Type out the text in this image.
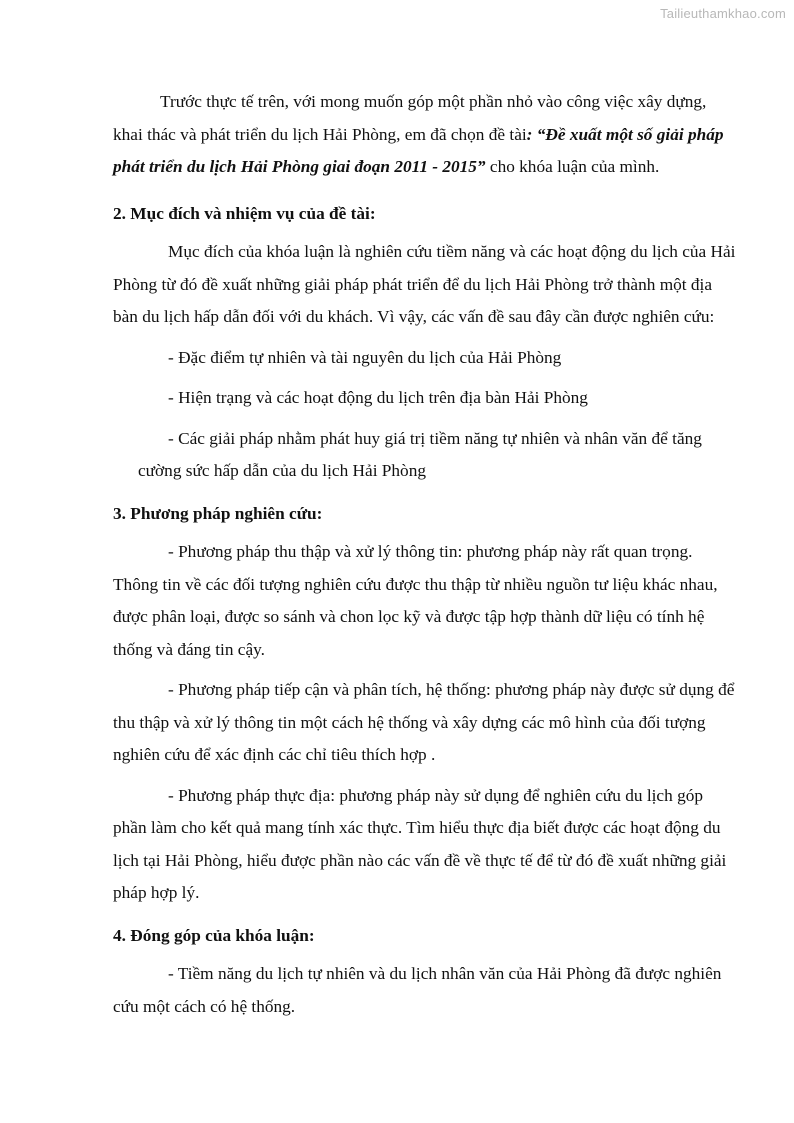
Tailieuthamkhao.com

Trước thực tế trên, với mong muốn góp một phần nhỏ vào công việc xây dựng, khai thác và phát triển du lịch Hải Phòng, em đã chọn đề tài: “Đề xuất một số giải pháp phát triển du lịch Hải Phòng giai đoạn 2011 - 2015” cho khóa luận của mình.

2. Mục đích và nhiệm vụ của đề tài:

Mục đích của khóa luận là nghiên cứu tiềm năng và các hoạt động du lịch của Hải Phòng từ đó đề xuất những giải pháp phát triển để du lịch Hải Phòng trở thành một địa bàn du lịch hấp dẫn đối với du khách. Vì vậy, các vấn đề sau đây cần được nghiên cứu:

- Đặc điểm tự nhiên và tài nguyên du lịch của Hải Phòng

- Hiện trạng và các hoạt động du lịch trên địa bàn Hải Phòng

- Các giải pháp nhằm phát huy giá trị tiềm năng tự nhiên và nhân văn để tăng cường sức hấp dẫn của du lịch Hải Phòng

3. Phương pháp nghiên cứu:

- Phương pháp thu thập và xử lý thông tin: phương pháp này rất quan trọng. Thông tin về các đối tượng nghiên cứu được thu thập từ nhiều nguồn tư liệu khác nhau, được phân loại, được so sánh và chon lọc kỹ và được tập hợp thành dữ liệu có tính hệ thống và đáng tin cậy.

- Phương pháp tiếp cận và phân tích, hệ thống: phương pháp này được sử dụng để thu thập và xử lý thông tin một cách hệ thống và xây dựng các mô hình của đối tượng nghiên cứu để xác định các chỉ tiêu thích hợp .

- Phương pháp thực địa: phương pháp này sử dụng để nghiên cứu du lịch góp phần làm cho kết quả mang tính xác thực. Tìm hiểu thực địa biết được các hoạt động du lịch tại Hải Phòng, hiểu được phần nào các vấn đề về thực tế để từ đó đề xuất những giải pháp hợp lý.

4. Đóng góp của khóa luận:

- Tiềm năng du lịch tự nhiên và du lịch nhân văn của Hải Phòng đã được nghiên cứu một cách có hệ thống.
